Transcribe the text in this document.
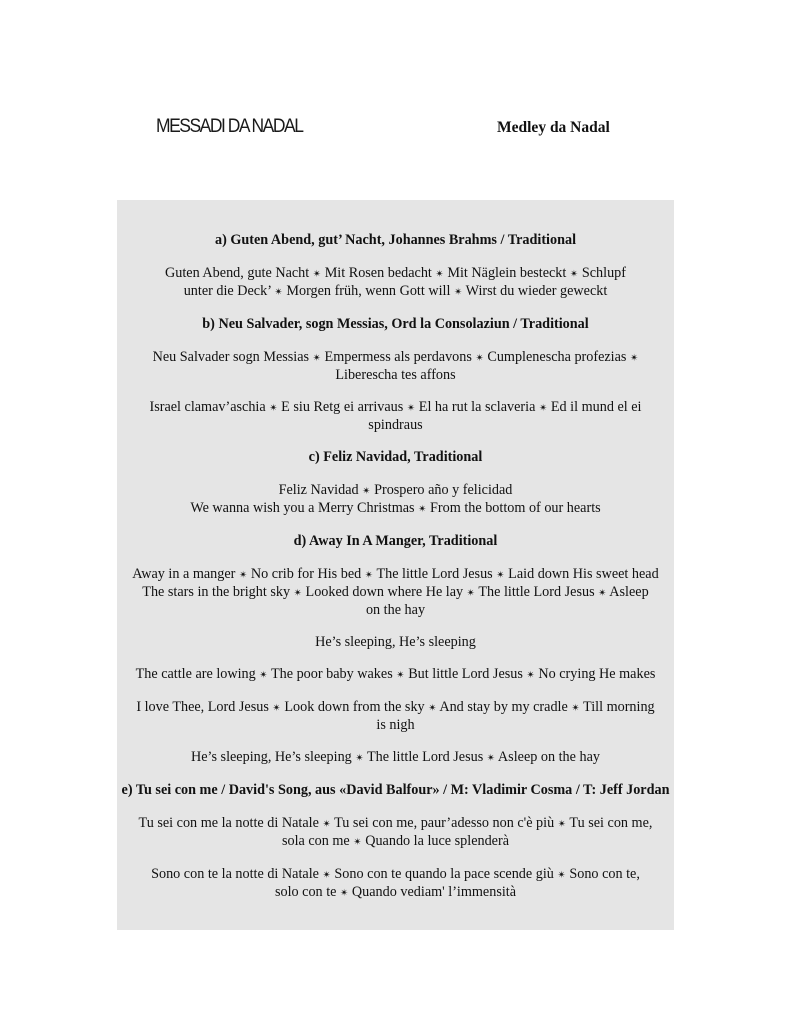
MESSADI DA NADAL	Medley da Nadal
a) Guten Abend, gut’ Nacht, Johannes Brahms / Traditional
Guten Abend, gute Nacht ✴ Mit Rosen bedacht ✴ Mit Näglein besteckt ✴ Schlupf
unter die Deck’ ✴ Morgen früh, wenn Gott will ✴ Wirst du wieder geweckt
b) Neu Salvader, sogn Messias, Ord la Consolaziun / Traditional
Neu Salvader sogn Messias ✴ Empermess als perdavons ✴ Cumplenescha profezias ✴
Liberescha tes affons
Israel clamav’aschia ✴ E siu Retg ei arrivaus ✴ El ha rut la sclaveria ✴ Ed il mund el ei
spindraus
c) Feliz Navidad, Traditional
Feliz Navidad ✴ Prospero año y felicidad
We wanna wish you a Merry Christmas ✴ From the bottom of our hearts
d) Away In A Manger, Traditional
Away in a manger ✴ No crib for His bed ✴ The little Lord Jesus ✴ Laid down His sweet head
The stars in the bright sky ✴ Looked down where He lay ✴ The little Lord Jesus ✴ Asleep
on the hay
He’s sleeping, He’s sleeping
The cattle are lowing ✴ The poor baby wakes ✴ But little Lord Jesus ✴ No crying He makes
I love Thee, Lord Jesus ✴ Look down from the sky ✴ And stay by my cradle ✴ Till morning
is nigh
He’s sleeping, He’s sleeping ✴ The little Lord Jesus ✴ Asleep on the hay
e) Tu sei con me / David's Song, aus «David Balfour» / M: Vladimir Cosma / T: Jeff Jordan
Tu sei con me la notte di Natale ✴ Tu sei con me, paur’adesso non c'è più ✴ Tu sei con me,
sola con me ✴ Quando la luce splenderà
Sono con te la notte di Natale ✴ Sono con te quando la pace scende giù ✴ Sono con te,
solo con te ✴ Quando vediam' l’immensità
